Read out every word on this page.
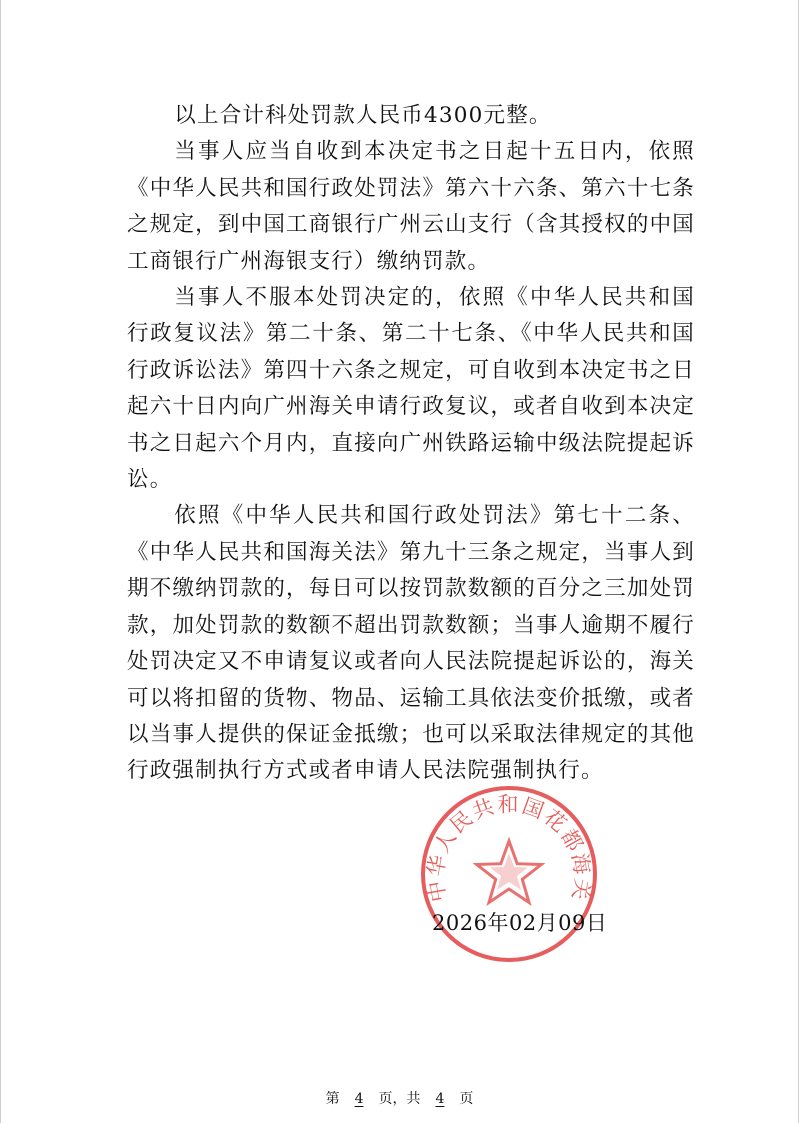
以上合计科处罚款人民币4300元整。

当事人应当自收到本决定书之日起十五日内，依照《中华人民共和国行政处罚法》第六十六条、第六十七条之规定，到中国工商银行广州云山支行（含其授权的中国工商银行广州海银支行）缴纳罚款。

当事人不服本处罚决定的，依照《中华人民共和国行政复议法》第二十条、第二十七条、《中华人民共和国行政诉讼法》第四十六条之规定，可自收到本决定书之日起六十日内向广州海关申请行政复议，或者自收到本决定书之日起六个月内，直接向广州铁路运输中级法院提起诉讼。

依照《中华人民共和国行政处罚法》第七十二条、《中华人民共和国海关法》第九十三条之规定，当事人到期不缴纳罚款的，每日可以按罚款数额的百分之三加处罚款，加处罚款的数额不超出罚款数额；当事人逾期不履行处罚决定又不申请复议或者向人民法院提起诉讼的，海关可以将扣留的货物、物品、运输工具依法变价抵缴，或者以当事人提供的保证金抵缴；也可以采取法律规定的其他行政强制执行方式或者申请人民法院强制执行。

中华人民共和国花都海关
2026年02月09日
第 4 页，共 4 页
